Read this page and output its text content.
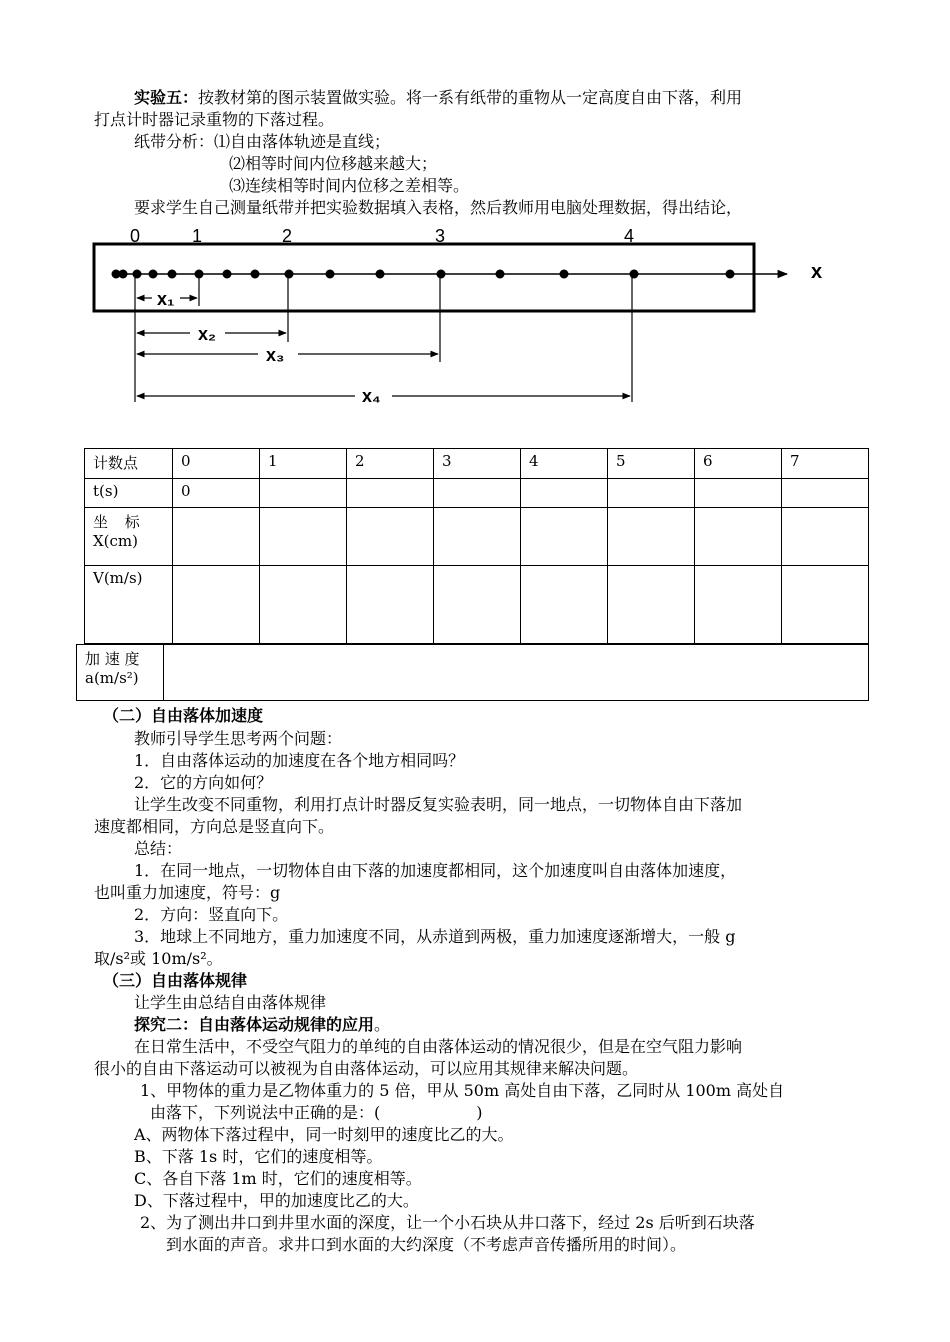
实验五：按教材第的图示装置做实验。将一系有纸带的重物从一定高度自由下落，利用
打点计时器记录重物的下落过程。
纸带分析：⑴自由落体轨迹是直线；
⑵相等时间内位移越来越大；
⑶连续相等时间内位移之差相等。
要求学生自己测量纸带并把实验数据填入表格，然后教师用电脑处理数据，得出结论，
0	1	2	3	4
x
x₁
x₂
x₃
x₄
计数点	0	1	2	3	4	5	6	7
t(s)	0							

坐 标
X(cm)								

V(m/s)								
加 速 度
a(m/s²)

（二）自由落体加速度
教师引导学生思考两个问题：
1．自由落体运动的加速度在各个地方相同吗？
2．它的方向如何？
让学生改变不同重物，利用打点计时器反复实验表明，同一地点，一切物体自由下落加
速度都相同，方向总是竖直向下。
总结：
1．在同一地点，一切物体自由下落的加速度都相同，这个加速度叫自由落体加速度，
也叫重力加速度，符号：g
2．方向：竖直向下。
3．地球上不同地方，重力加速度不同，从赤道到两极，重力加速度逐渐增大，一般 g
取/s²或 10m/s²。
（三）自由落体规律
让学生由总结自由落体规律
探究二：自由落体运动规律的应用。
在日常生活中，不受空气阻力的单纯的自由落体运动的情况很少，但是在空气阻力影响
很小的自由下落运动可以被视为自由落体运动，可以应用其规律来解决问题。
1、甲物体的重力是乙物体重力的 5 倍，甲从 50m 高处自由下落，乙同时从 100m 高处自
由落下，下列说法中正确的是：(　　　　　　)
A、两物体下落过程中，同一时刻甲的速度比乙的大。
B、下落 1s 时，它们的速度相等。
C、各自下落 1m 时，它们的速度相等。
D、下落过程中，甲的加速度比乙的大。
2、为了测出井口到井里水面的深度，让一个小石块从井口落下，经过 2s 后听到石块落
到水面的声音。求井口到水面的大约深度（不考虑声音传播所用的时间）。
